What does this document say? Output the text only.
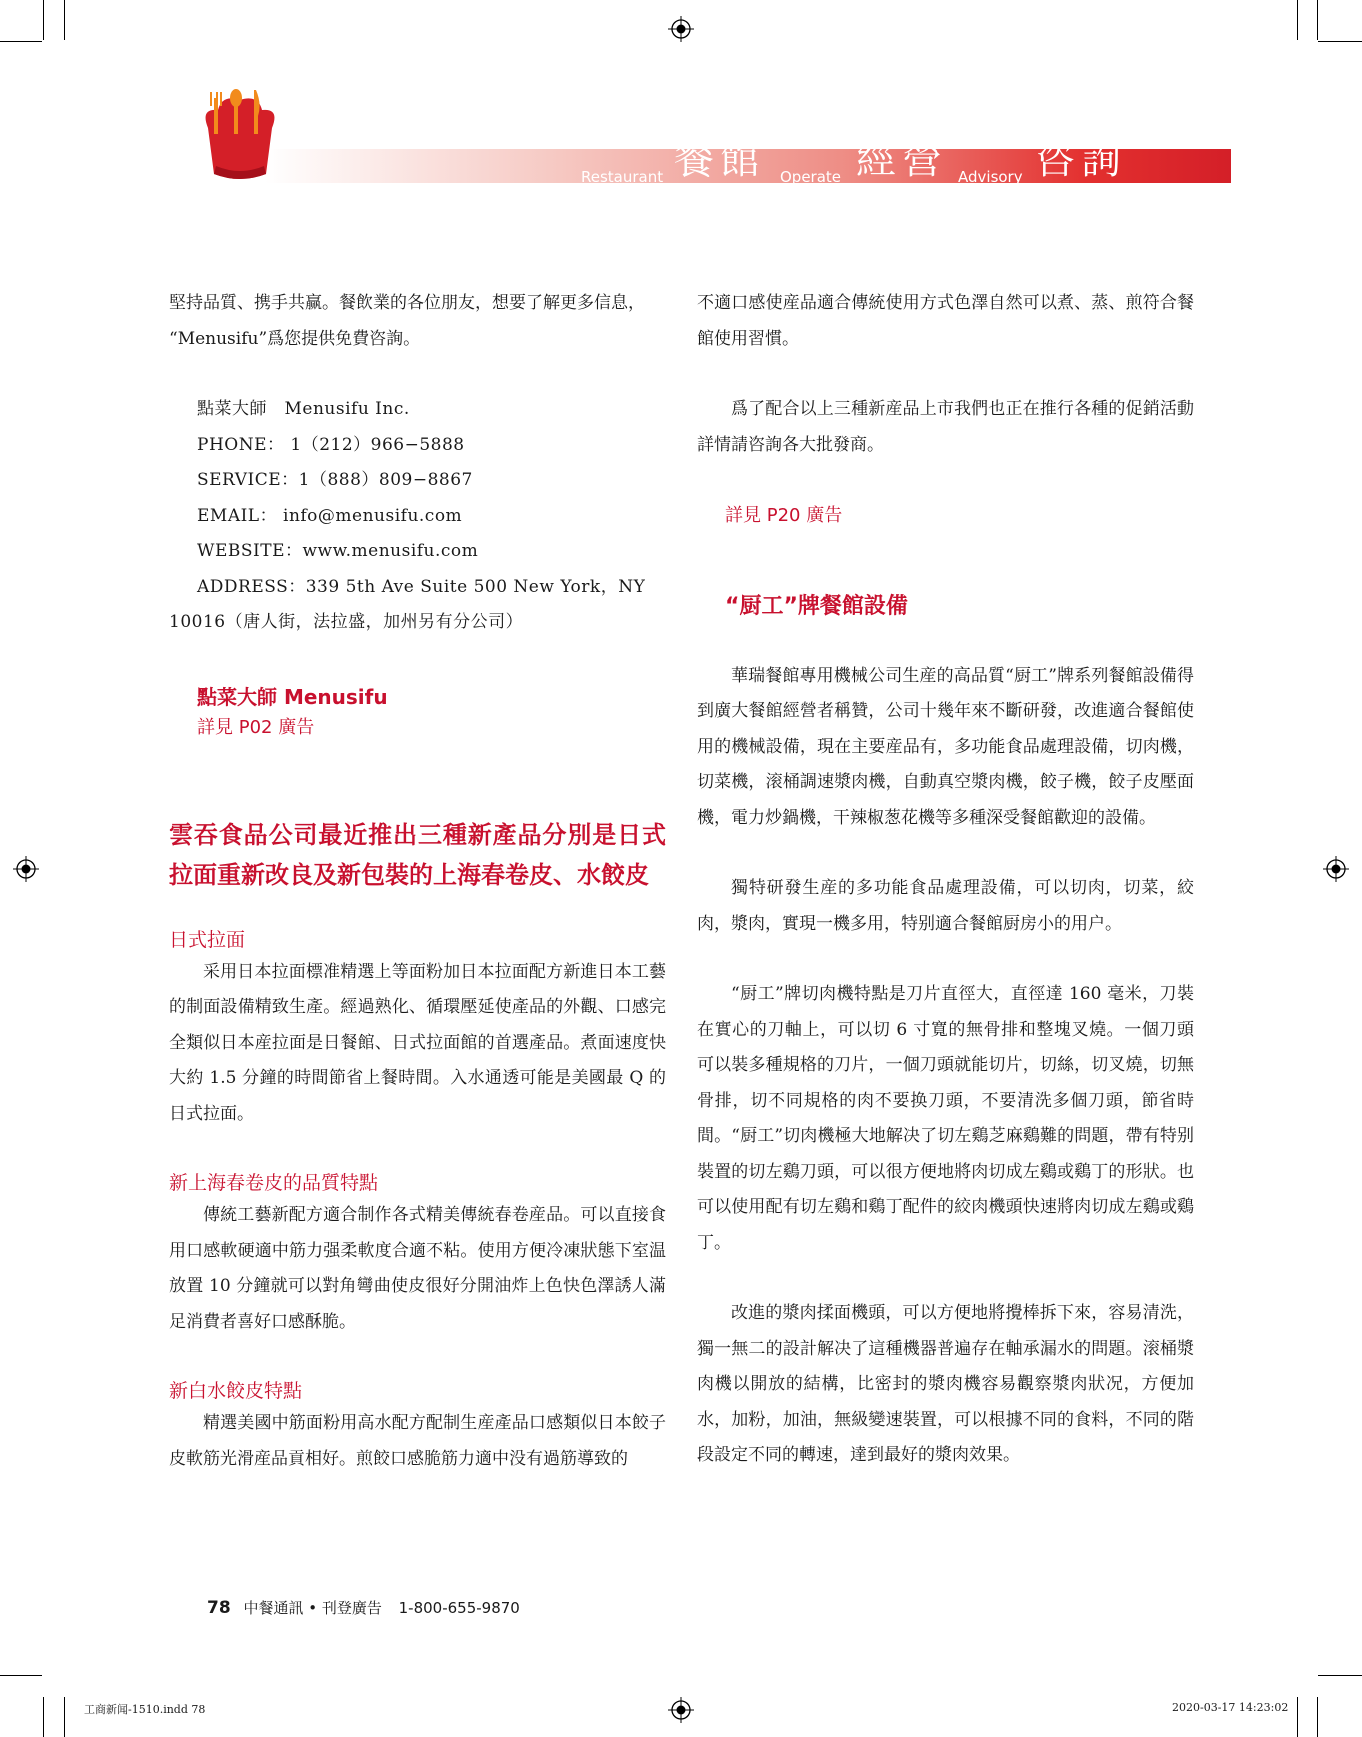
Restaurant 餐館 Operate 經營 Advisory 咨詢

堅持品質、携手共赢。餐飲業的各位朋友，想要了解更多信息，
“Menusifu”爲您提供免費咨詢。

點菜大師　Menusifu Inc.
PHONE： 1（212）966−5888
SERVICE：1（888）809−8867
EMAIL： info@menusifu.com
WEBSITE：www.menusifu.com
ADDRESS：339 5th Ave Suite 500 New York，NY
10016（唐人街，法拉盛，加州另有分公司）
點菜大師 Menusifu
詳見 P02 廣告
雲吞食品公司最近推出三種新產品分別是日式拉面重新改良及新包裝的上海春卷皮、水餃皮
日式拉面

采用日本拉面標准精選上等面粉加日本拉面配方新進日本工藝的制面設備精致生產。經過熟化、循環壓延使產品的外觀、口感完全類似日本産拉面是日餐館、日式拉面館的首選產品。煮面速度快大約 1.5 分鐘的時間節省上餐時間。入水通透可能是美國最 Q 的日式拉面。

新上海春卷皮的品質特點

傳統工藝新配方適合制作各式精美傳統春卷産品。可以直接食用口感軟硬適中筋力强柔軟度合適不粘。使用方便冷凍狀態下室温放置 10 分鐘就可以對角彎曲使皮很好分開油炸上色快色澤誘人滿足消費者喜好口感酥脆。

新白水餃皮特點

精選美國中筋面粉用高水配方配制生産產品口感類似日本餃子皮軟筋光滑産品貢相好。煎餃口感脆筋力適中没有過筋導致的

不適口感使産品適合傳統使用方式色澤自然可以煮、蒸、煎符合餐館使用習慣。

爲了配合以上三種新産品上市我們也正在推行各種的促銷活動詳情請咨詢各大批發商。

詳見 P20 廣告
“厨工”牌餐館設備

華瑞餐館專用機械公司生産的高品質“厨工”牌系列餐館設備得到廣大餐館經營者稱贊，公司十幾年來不斷研發，改進適合餐館使用的機械設備，現在主要産品有，多功能食品處理設備，切肉機，切菜機，滚桶調速漿肉機，自動真空漿肉機，餃子機，餃子皮壓面機，電力炒鍋機，干辣椒葱花機等多種深受餐館歡迎的設備。

獨特研發生産的多功能食品處理設備，可以切肉，切菜，絞肉，漿肉，實現一機多用，特别適合餐館厨房小的用户。

“厨工”牌切肉機特點是刀片直徑大，直徑達 160 毫米，刀裝在實心的刀軸上，可以切 6 寸寬的無骨排和整塊叉燒。一個刀頭可以裝多種規格的刀片，一個刀頭就能切片，切絲，切叉燒，切無骨排，切不同規格的肉不要换刀頭，不要清洗多個刀頭，節省時間。“厨工”切肉機極大地解决了切左鷄芝麻鷄難的問題，帶有特别裝置的切左鷄刀頭，可以很方便地將肉切成左鷄或鷄丁的形狀。也可以使用配有切左鷄和鷄丁配件的絞肉機頭快速將肉切成左鷄或鷄丁。

改進的漿肉揉面機頭，可以方便地將攪棒拆下來，容易清洗，獨一無二的設計解决了這種機器普遍存在軸承漏水的問題。滚桶漿肉機以開放的結構，比密封的漿肉機容易觀察漿肉狀况，方便加水，加粉，加油，無級變速裝置，可以根據不同的食料，不同的階段設定不同的轉速，達到最好的漿肉效果。

78 中餐通訊 • 刊登廣告 1-800-655-9870
工商新闻-1510.indd 78	2020-03-17 14:23:02
